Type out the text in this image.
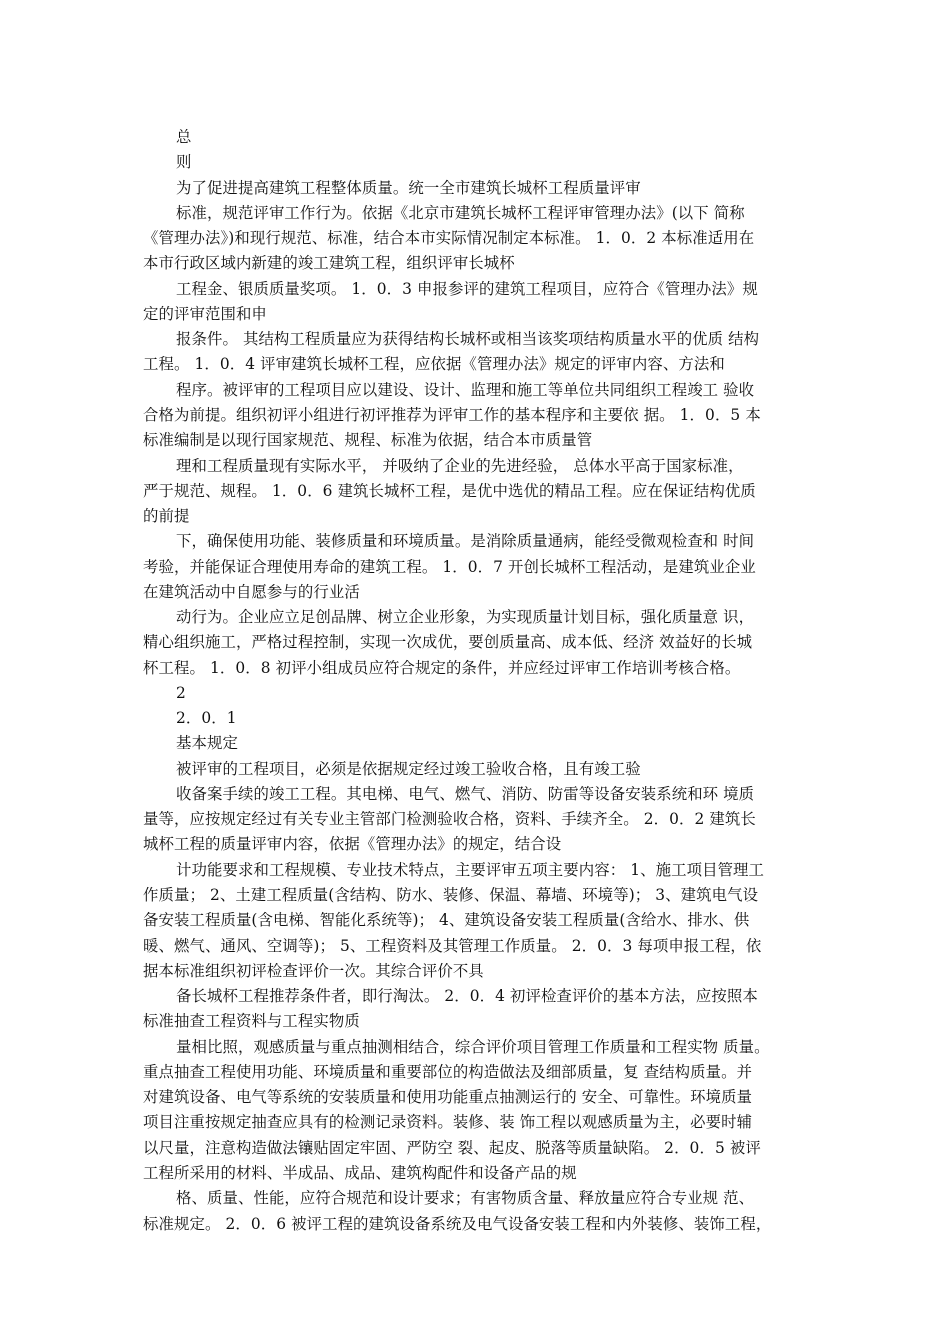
总
则
为了促进提高建筑工程整体质量。统一全市建筑长城杯工程质量评审
标准，规范评审工作行为。依据《北京市建筑长城杯工程评审管理办法》(以下 简称
《管理办法》)和现行规范、标准，结合本市实际情况制定本标准。 1．0．2 本标准适用在
本市行政区域内新建的竣工建筑工程，组织评审长城杯
工程金、银质质量奖项。 1．0．3 申报参评的建筑工程项目，应符合《管理办法》规
定的评审范围和申
报条件。 其结构工程质量应为获得结构长城杯或相当该奖项结构质量水平的优质 结构
工程。 1．0．4 评审建筑长城杯工程，应依据《管理办法》规定的评审内容、方法和
程序。被评审的工程项目应以建设、设计、监理和施工等单位共同组织工程竣工 验收
合格为前提。组织初评小组进行初评推荐为评审工作的基本程序和主要依 据。 1．0．5 本
标准编制是以现行国家规范、规程、标准为依据，结合本市质量管
理和工程质量现有实际水平， 并吸纳了企业的先进经验， 总体水平高于国家标准，
严于规范、规程。 1．0．6 建筑长城杯工程，是优中选优的精品工程。应在保证结构优质
的前提
下，确保使用功能、装修质量和环境质量。是消除质量通病，能经受微观检查和 时间
考验，并能保证合理使用寿命的建筑工程。 1．0．7 开创长城杯工程活动，是建筑业企业
在建筑活动中自愿参与的行业活
动行为。企业应立足创品牌、树立企业形象，为实现质量计划目标，强化质量意 识，
精心组织施工，严格过程控制，实现一次成优，要创质量高、成本低、经济 效益好的长城
杯工程。 1．0．8 初评小组成员应符合规定的条件，并应经过评审工作培训考核合格。
2
2．0．1
基本规定
被评审的工程项目，必须是依据规定经过竣工验收合格，且有竣工验
收备案手续的竣工工程。其电梯、电气、燃气、消防、防雷等设备安装系统和环 境质
量等，应按规定经过有关专业主管部门检测验收合格，资料、手续齐全。 2．0．2 建筑长
城杯工程的质量评审内容，依据《管理办法》的规定，结合设
计功能要求和工程规模、专业技术特点，主要评审五项主要内容： 1、施工项目管理工
作质量； 2、土建工程质量(含结构、防水、装修、保温、幕墙、环境等)； 3、建筑电气设
备安装工程质量(含电梯、智能化系统等)； 4、建筑设备安装工程质量(含给水、排水、供
暖、燃气、通风、空调等)； 5、工程资料及其管理工作质量。 2．0．3 每项申报工程，依
据本标准组织初评检查评价一次。其综合评价不具
备长城杯工程推荐条件者，即行淘汰。 2．0．4 初评检查评价的基本方法，应按照本
标准抽查工程资料与工程实物质
量相比照，观感质量与重点抽测相结合，综合评价项目管理工作质量和工程实物 质量。
重点抽查工程使用功能、环境质量和重要部位的构造做法及细部质量，复 查结构质量。并
对建筑设备、电气等系统的安装质量和使用功能重点抽测运行的 安全、可靠性。环境质量
项目注重按规定抽查应具有的检测记录资料。装修、装 饰工程以观感质量为主，必要时辅
以尺量，注意构造做法镶贴固定牢固、严防空 裂、起皮、脱落等质量缺陷。 2．0．5 被评
工程所采用的材料、半成品、成品、建筑构配件和设备产品的规
格、质量、性能，应符合规范和设计要求；有害物质含量、释放量应符合专业规 范、
标准规定。 2．0．6 被评工程的建筑设备系统及电气设备安装工程和内外装修、装饰工程，
